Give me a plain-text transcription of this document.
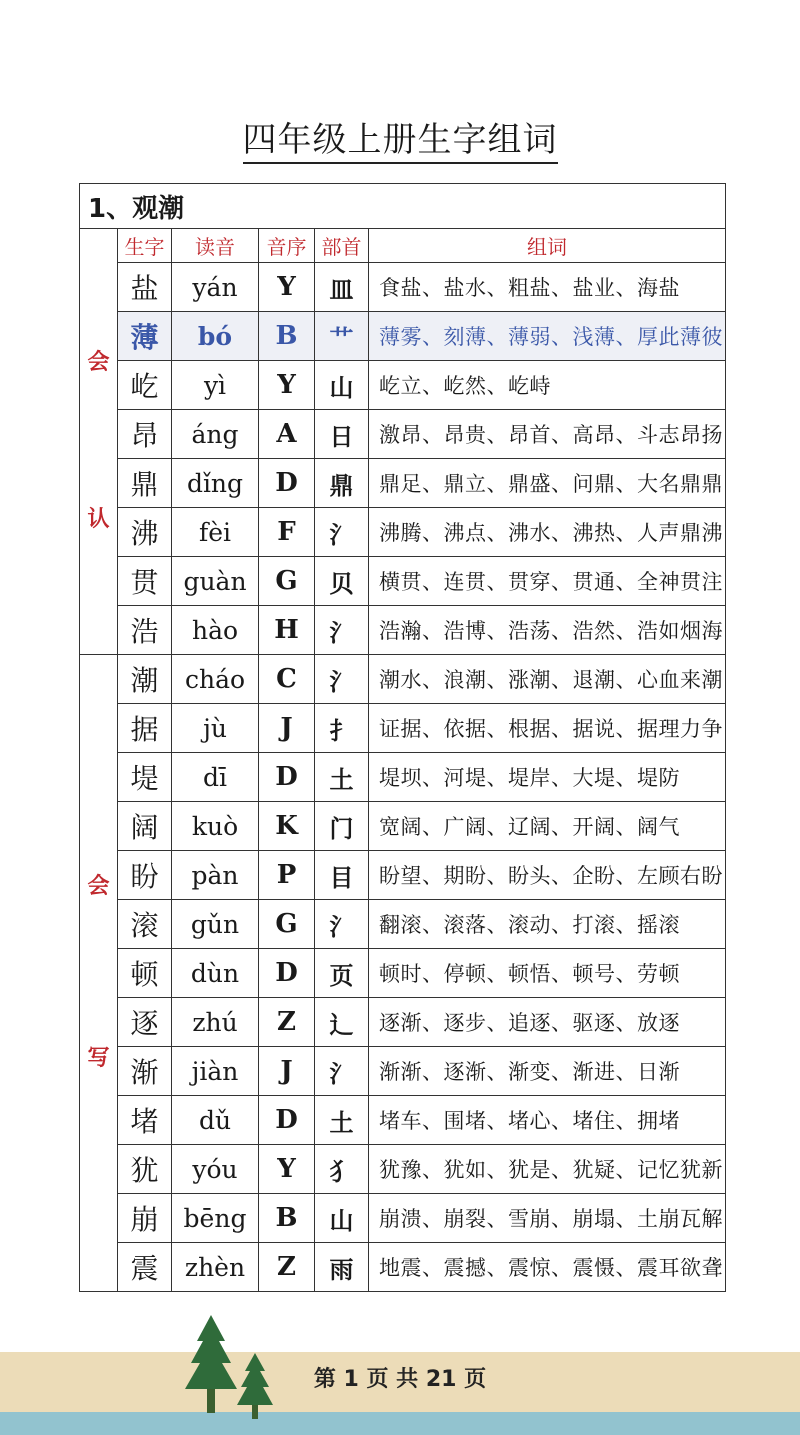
四年级上册生字组词
1、观潮					
会
认	生字	读音	音序	部首	组词
	盐	yán	Y	皿	食盐、盐水、粗盐、盐业、海盐
	薄	bó	B	艹	薄雾、刻薄、薄弱、浅薄、厚此薄彼
	屹	yì	Y	山	屹立、屹然、屹峙
	昂	áng	A	日	激昂、昂贵、昂首、高昂、斗志昂扬
	鼎	dǐng	D	鼎	鼎足、鼎立、鼎盛、问鼎、大名鼎鼎
	沸	fèi	F	氵	沸腾、沸点、沸水、沸热、人声鼎沸
	贯	guàn	G	贝	横贯、连贯、贯穿、贯通、全神贯注
	浩	hào	H	氵	浩瀚、浩博、浩荡、浩然、浩如烟海
会
写	潮	cháo	C	氵	潮水、浪潮、涨潮、退潮、心血来潮
	据	jù	J	扌	证据、依据、根据、据说、据理力争
	堤	dī	D	土	堤坝、河堤、堤岸、大堤、堤防
	阔	kuò	K	门	宽阔、广阔、辽阔、开阔、阔气
	盼	pàn	P	目	盼望、期盼、盼头、企盼、左顾右盼
	滚	gǔn	G	氵	翻滚、滚落、滚动、打滚、摇滚
	顿	dùn	D	页	顿时、停顿、顿悟、顿号、劳顿
	逐	zhú	Z	辶	逐渐、逐步、追逐、驱逐、放逐
	渐	jiàn	J	氵	渐渐、逐渐、渐变、渐进、日渐
	堵	dǔ	D	土	堵车、围堵、堵心、堵住、拥堵
	犹	yóu	Y	犭	犹豫、犹如、犹是、犹疑、记忆犹新
	崩	bēng	B	山	崩溃、崩裂、雪崩、崩塌、土崩瓦解
	震	zhèn	Z	雨	地震、震撼、震惊、震慑、震耳欲聋
第 1 页 共 21 页
